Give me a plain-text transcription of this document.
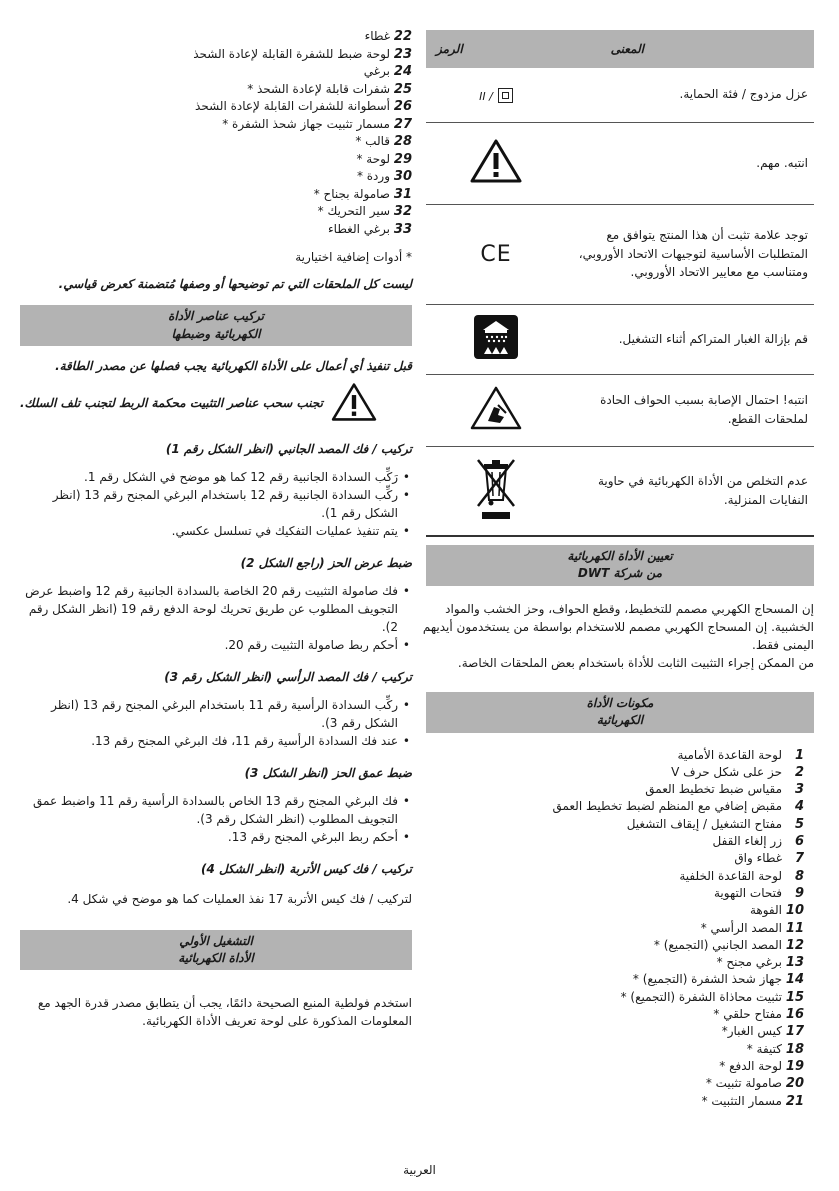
الرمز	المعنى
II /	عزل مزدوج / فئة الحماية.
	انتبه. مهم.
CE	توجد علامة تثبت أن هذا المنتج يتوافق مع المتطلبات الأساسية لتوجيهات الاتحاد الأوروبي، ومتناسب مع معايير الاتحاد الأوروبي.
	قم بإزالة الغبار المتراكم أثناء التشغيل.
	انتبه! احتمال الإصابة بسبب الحواف الحادة لملحقات القطع.
	عدم التخلص من الأداة الكهربائية في حاوية النفايات المنزلية.
تعيين الأداة الكهربائية
من شركة DWT
إن المسحاج الكهربي مصمم للتخطيط، وقطع الحواف، وحز الخشب والمواد الخشبية. إن المسحاج الكهربي مصمم للاستخدام بواسطة من يستخدمون أيديهم اليمنى فقط.
من الممكن إجراء التثبيت الثابت للأداة باستخدام بعض الملحقات الخاصة.
مكونات الأداة
الكهربائية
1لوحة القاعدة الأمامية
2حز على شكل حرف V
3مقياس ضبط تخطيط العمق
4مقبض إضافي مع المنظم لضبط تخطيط العمق
5مفتاح التشغيل / إيقاف التشغيل
6زر إلغاء القفل
7غطاء واق
8لوحة القاعدة الخلفية
9فتحات التهوية
10الفوهة
11المصد الرأسي *
12المصد الجانبي (التجميع) *
13برغي مجنح *
14جهاز شحذ الشفرة (التجميع) *
15تثبيت محاذاة الشفرة (التجميع) *
16مفتاح حلقي *
17كيس الغبار*
18كتيفة *
19لوحة الدفع *
20صامولة تثبيت *
21مسمار التثبيت *
22غطاء
23لوحة ضبط للشفرة القابلة لإعادة الشحذ
24برغي
25شفرات قابلة لإعادة الشحذ *
26أسطوانة للشفرات القابلة لإعادة الشحذ
27مسمار تثبيت جهاز شحذ الشفرة *
28قالب *
29لوحة *
30وردة *
31صامولة بجناح *
32سير التحريك *
33برغي الغطاء
* أدوات إضافية اختيارية
ليست كل الملحقات التي تم توضيحها أو وصفها مُتضمنة كعرض قياسي.
تركيب عناصر الأداة
الكهربائية وضبطها
قبل تنفيذ أي أعمال على الأداة الكهربائية يجب فصلها عن مصدر الطاقة.
تجنب سحب عناصر التثبيت محكمة الربط لتجنب تلف السلك.
تركيب / فك المصد الجانبي (انظر الشكل رقم 1)
• رَكِّب السدادة الجانبية رقم 12 كما هو موضح في الشكل رقم 1.
• ركِّب السدادة الجانبية رقم 12 باستخدام البرغي المجنح رقم 13 (انظر الشكل رقم 1).
• يتم تنفيذ عمليات التفكيك في تسلسل عكسي.
ضبط عرض الحز (راجع الشكل 2)
• فك صامولة التثبيت رقم 20 الخاصة بالسدادة الجانبية رقم 12 واضبط عرض التجويف المطلوب عن طريق تحريك لوحة الدفع رقم 19 (انظر الشكل رقم 2).
• أحكم ربط صامولة التثبيت رقم 20.
تركيب / فك المصد الرأسي (انظر الشكل رقم 3)
• ركِّب السدادة الرأسية رقم 11 باستخدام البرغي المجنح رقم 13 (انظر الشكل رقم 3).
• عند فك السدادة الرأسية رقم 11، فك البرغي المجنح رقم 13.
ضبط عمق الحز (انظر الشكل 3)
• فك البرغي المجنح رقم 13 الخاص بالسدادة الرأسية رقم 11 واضبط عمق التجويف المطلوب (انظر الشكل رقم 3).
• أحكم ربط البرغي المجنح رقم 13.
تركيب / فك كيس الأتربة (انظر الشكل 4)
لتركيب / فك كيس الأتربة 17 نفذ العمليات كما هو موضح في شكل 4.
التشغيل الأولي
الأداة الكهربائية
استخدم فولطية المنبع الصحيحة دائمًا، يجب أن يتطابق مصدر قدرة الجهد مع المعلومات المذكورة على لوحة تعريف الأداة الكهربائية.
العربية
